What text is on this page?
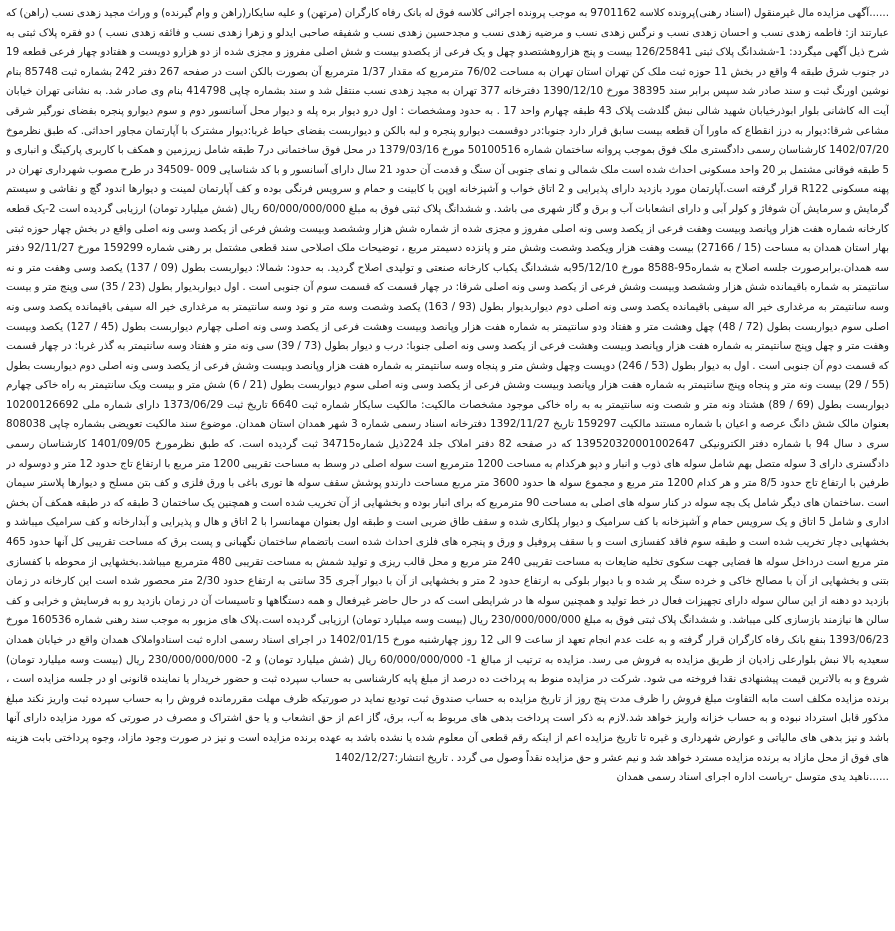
......آگهی مزایده مال غیرمنقول (اسناد رهنی)پرونده کلاسه 9701162 به موجب پرونده اجرائی کلاسه فوق له بانک رفاه کارگران (مرتهن) و علیه سایکار(راهن و وام گیرنده) و وراث مجید زهدی نسب (راهن) که عبارتند از: فاطمه زهدی نسب و احسان زهدی نسب و نرگس زهدی نسب و مرضیه زهدی نسب و مجدحسین زهدی نسب و شفیقه صاحبی ایدلو و زهرا زهدی نسب و فائقه زهدی نسب ) دو فقره پلاک ثبتی به شرح ذیل آگهی میگردد: 1-ششدانگ پلاک ثبتی 126/25841 بیست و پنج هزاروهشتصدو چهل و یک فرعی از یکصدو بیست و شش اصلی مفروز و مجزی شده از دو هزارو دویست و هفتادو چهار فرعی قطعه 19 در جنوب شرق طبقه 4 واقع در بخش 11 حوزه ثبت ملک کن تهران استان تهران به مساحت 76/02 مترمربع که مقدار 1/37 مترمربع آن بصورت بالکن است در صفحه 267 دفتر 242 بشماره ثبت 85748 بنام نوشین اورنگ ثبت و سند صادر شد سپس برابر سند 38395 مورخ 1390/12/10 دفترخانه 377 تهران به مجید زهدی نسب منتقل شد و سند بشماره چاپی 414798 بنام وی صادر شد. به نشانی تهران خیابان آیت اله کاشانی بلوار ابوذرخیابان شهید شالی نبش گلدشت پلاک 43 طبقه چهارم واحد 17 . به حدود ومشخصات : اول درو دیوار بره پله و دیوار محل آسانسور دوم و سوم دیوارو پنجره بفضای نورگیر شرقی مشاعی شرقا:دیوار به درز انقطاع که ماورا آن قطعه بیست سابق قرار دارد جنوبا:در دوقسمت دیوارو پنجره و لبه بالکن و دیواربست بفضای حیاط غربا:دیوار مشترک با آپارتمان مجاور احداثی. که طبق نظرموخ 1402/07/20 کارشناسان رسمی دادگستری ملک فوق بموجب پروانه ساختمان شماره 50100516 مورخ 1379/03/16 در محل فوق ساختمانی در7 طبقه شامل زیرزمین و همکف با کاربری پارکینگ و انباری و 5 طبقه فوقانی مشتمل بر 20 واحد مسکونی احداث شده است ملک شمالی و نمای جنوبی آن سنگ و قدمت آن حدود 21 سال دارای آسانسور و با کد شناسایی 009 -34509 در طرح مصوب شهرداری تهران در پهنه مسکونی R122 قرار گرفته است.آپارتمان مورد بازدید دارای پذیرایی و 2 اتاق خواب و آشپزخانه اوپن با کابینت و حمام و سرویس فرنگی بوده و کف آپارتمان لمینت و دیوارها اندود گچ و نقاشی و سیستم گرمایش و سرمایش آن شوفاژ و کولر آبی و دارای انشعابات آب و برق و گاز شهری می باشد. و ششدانگ پلاک ثبتی فوق به مبلغ 60/000/000/000 ریال (شش میلیارد تومان) ارزیابی گردیده است 2-یک قطعه کارخانه شماره هفت هزار وپانصد وبیست وهفت فرعی از یکصد وسی ونه اصلی مفروز و مجزی شده از شماره شش هزار وششصد وبیست وشش فرعی از یکصد وسی ونه اصلی واقع در بخش چهار حوزه ثبتی بهار استان همدان به مساحت (15 / 27166) بیست وهفت هزار ویکصد وشصت وشش متر و پانزده دسیمتر مربع ، توضیحات ملک اصلاحی سند قطعی مشتمل بر رهنی شماره 159299 مورخ 92/11/27 دفتر سه همدان.برابرصورت جلسه اصلاح به شماره95-8588 مورخ 95/12/10به ششدانگ یکباب کارخانه صنعتی و تولیدی اصلاح گردید. به حدود: شمالا: دیواربست بطول (09 / 137) یکصد وسی وهفت متر و نه سانتیمتر به شماره باقیمانده شش هزار وششصد وبیست وشش فرعی از یکصد وسی ونه اصلی شرقا: در چهار قسمت که قسمت سوم آن جنوبی است . اول دیواربدیوار بطول (23 / 35) سی وپنج متر و بیست وسه سانتیمتر به مرغداری خیر اله سیفی باقیمانده یکصد وسی ونه اصلی دوم دیواربدیوار بطول (93 / 163) یکصد وشصت وسه متر و نود وسه سانتیمتر به مرغداری خیر اله سیفی باقیمانده یکصد وسی ونه اصلی سوم دیواربست بطول (72 / 48) چهل وهشت متر و هفتاد ودو سانتیمتر به شماره هفت هزار وپانصد وبیست وهشت فرعی از یکصد وسی ونه اصلی چهارم دیواربست بطول (45 / 127) یکصد وبیست وهفت متر و چهل وپنج سانتیمتر به شماره هفت هزار وپانصد وبیست وهشت فرعی از یکصد وسی ونه اصلی جنوبا: درب و دیوار بطول (73 / 39) سی ونه متر و هفتاد وسه سانتیمتر به گذر غربا: در چهار قسمت که قسمت دوم آن جنوبی است . اول به دیوار بطول (53 / 246) دویست وچهل وشش متر و پنجاه وسه سانتیمتر به شماره هفت هزار وپانصد وبیست وشش فرعی از یکصد وسی ونه اصلی دوم دیواربست بطول (55 / 29) بیست ونه متر و پنجاه وپنج سانتیمتر به شماره هفت هزار وپانصد وبیست وشش فرعی از یکصد وسی ونه اصلی سوم دیواربست بطول (21 / 6) شش متر و بیست ویک سانتیمتر به راه خاکی چهارم دیواربست بطول (69 / 89) هشتاد ونه متر و شصت ونه سانتیمتر به به راه خاکی موجود مشخصات مالکیت: مالکیت سایکار شماره ثبت 6640 تاریخ ثبت 1373/06/29 دارای شماره ملی 10200126692 بعنوان مالک شش دانگ عرصه و اعیان با شماره مستند مالکیت 159297 تاریخ 1392/11/27 دفترخانه اسناد رسمی شماره 3 شهر همدان استان همدان. موضوع سند مالکیت تعویضی بشماره چاپی 808038 سری د سال 94 با شماره دفتر الکترونیکی 139520320001002647 که در صفحه 82 دفتر املاک جلد 224ذیل شماره34715 ثبت گردیده است. که طبق نظرمورخ 1401/09/05 کارشناسان رسمی دادگستری دارای 3 سوله متصل بهم شامل سوله های ذوب و انبار و دپو هرکدام به مساحت 1200 مترمربع است سوله اصلی در وسط به مساحت تقریبی 1200 متر مربع با ارتفاع تاج حدود 12 متر و دوسوله در طرفین با ارتفاع تاج حدود 8/5 متر و هر کدام 1200 متر مربع و مجموع سوله ها حدود 3600 متر مربع مساحت دارندو پوشش سقف سوله ها توری باغی با ورق فلزی و کف بتن مسلح و دیوارها پلاستر سیمان است .ساختمان های دیگر شامل یک بچه سوله در کنار سوله های اصلی به مساحت 90 مترمربع که برای انبار بوده و بخشهایی از آن تخریب شده است و همچنین یک ساختمان 3 طبقه که در طبقه همکف آن بخش اداری و شامل 5 اتاق و یک سرویس حمام و آشپزخانه با کف سرامیک و دیوار پلکاری شده و سقف طاق ضربی است و طبقه اول بعنوان مهمانسرا با 2 اتاق و هال و پذیرایی و آبدارخانه و کف سرامیک میباشد و بخشهایی دچار تخریب شده است و طبقه سوم فاقد کفسازی است و با سقف پروفیل و ورق و پنجره های فلزی احداث شده است باتضمام ساختمان نگهبانی و پست برق که مساحت تقریبی کل آنها حدود 465 متر مربع است درداخل سوله ها فضایی جهت سکوی تخلیه ضایعات به مساحت تقریبی 240 متر مربع و محل قالب ریزی و تولید شمش به مساحت تقریبی 480 مترمربع میباشد.بخشهایی از محوطه با کفسازی بتنی و بخشهایی از آن با مصالح خاکی و خرده سنگ پر شده و با دیوار بلوکی به ارتفاع حدود 2 متر و بخشهایی از آن با دیوار آجری 35 سانتی به ارتفاع حدود 2/30 متر محصور شده است این کارخانه در زمان بازدید دو دهنه از این سالن سوله دارای تجهیزات فعال در خط تولید و همچنین سوله ها در شرایطی است که در حال حاضر غیرفعال و همه دستگاهها و تاسیسات آن در زمان بازدید رو به فرسایش و خرابی و کف سالن ها نیازمند بازسازی کلی میباشد. و ششدانگ پلاک ثبتی فوق به مبلغ 230/000/000/000 ریال (بیست وسه میلیارد تومان) ارزیابی گردیده است.پلاک های مزبور به موجب سند رهنی شماره 160536 مورخ 1393/06/23 بنفع بانک رفاه کارگران قرار گرفته و به علت عدم انجام تعهد از ساعت 9 الی 12 روز چهارشنبه مورخ 1402/01/15 در اجرای اسناد رسمی اداره ثبت اسنادواملاک همدان واقع در خیابان همدان سعیدیه بالا نبش بلوارعلی زادیان از طریق مزایده به فروش می رسد. مزایده به ترتیب از مبالغ 1- 60/000/000/000 ریال (شش میلیارد تومان) و 2- 230/000/000/000 ریال (بیست وسه میلیارد تومان) شروع و به بالاترین قیمت پیشنهادی نقدا فروخته می شود. شرکت در مزایده منوط به پرداخت ده درصد از مبلغ پایه کارشناسی به حساب سپرده ثبت و حضور خریدار یا نماینده قانونی او در جلسه مزایده است ، برنده مزایده مکلف است مابه التفاوت مبلغ فروش را ظرف مدت پنج روز از تاریخ مزایده به حساب صندوق ثبت تودیع نماید در صورتیکه ظرف مهلت مقررمانده فروش را به حساب سپرده ثبت واریز نکند مبلغ مذکور قابل استرداد نبوده و به حساب خزانه واریز خواهد شد.لازم به ذکر است پرداخت بدهی های مربوط به آب، برق، گاز اعم از حق انشعاب و یا حق اشتراک و مصرف در صورتی که مورد مزایده دارای آنها باشد و نیز بدهی های مالیاتی و عوارض شهرداری و غیره تا تاریخ مزایده اعم از اینکه رقم قطعی آن معلوم شده یا نشده باشد به عهده برنده مزایده است و نیز در صورت وجود مازاد، وجوه پرداختی بابت هزینه های فوق از محل مازاد به برنده مزایده مسترد خواهد شد و نیم عشر و حق مزایده نقداً وصول می گردد . تاریخ انتشار:1402/12/27

......ناهید یدی متوسل -ریاست اداره اجرای اسناد رسمی همدان
